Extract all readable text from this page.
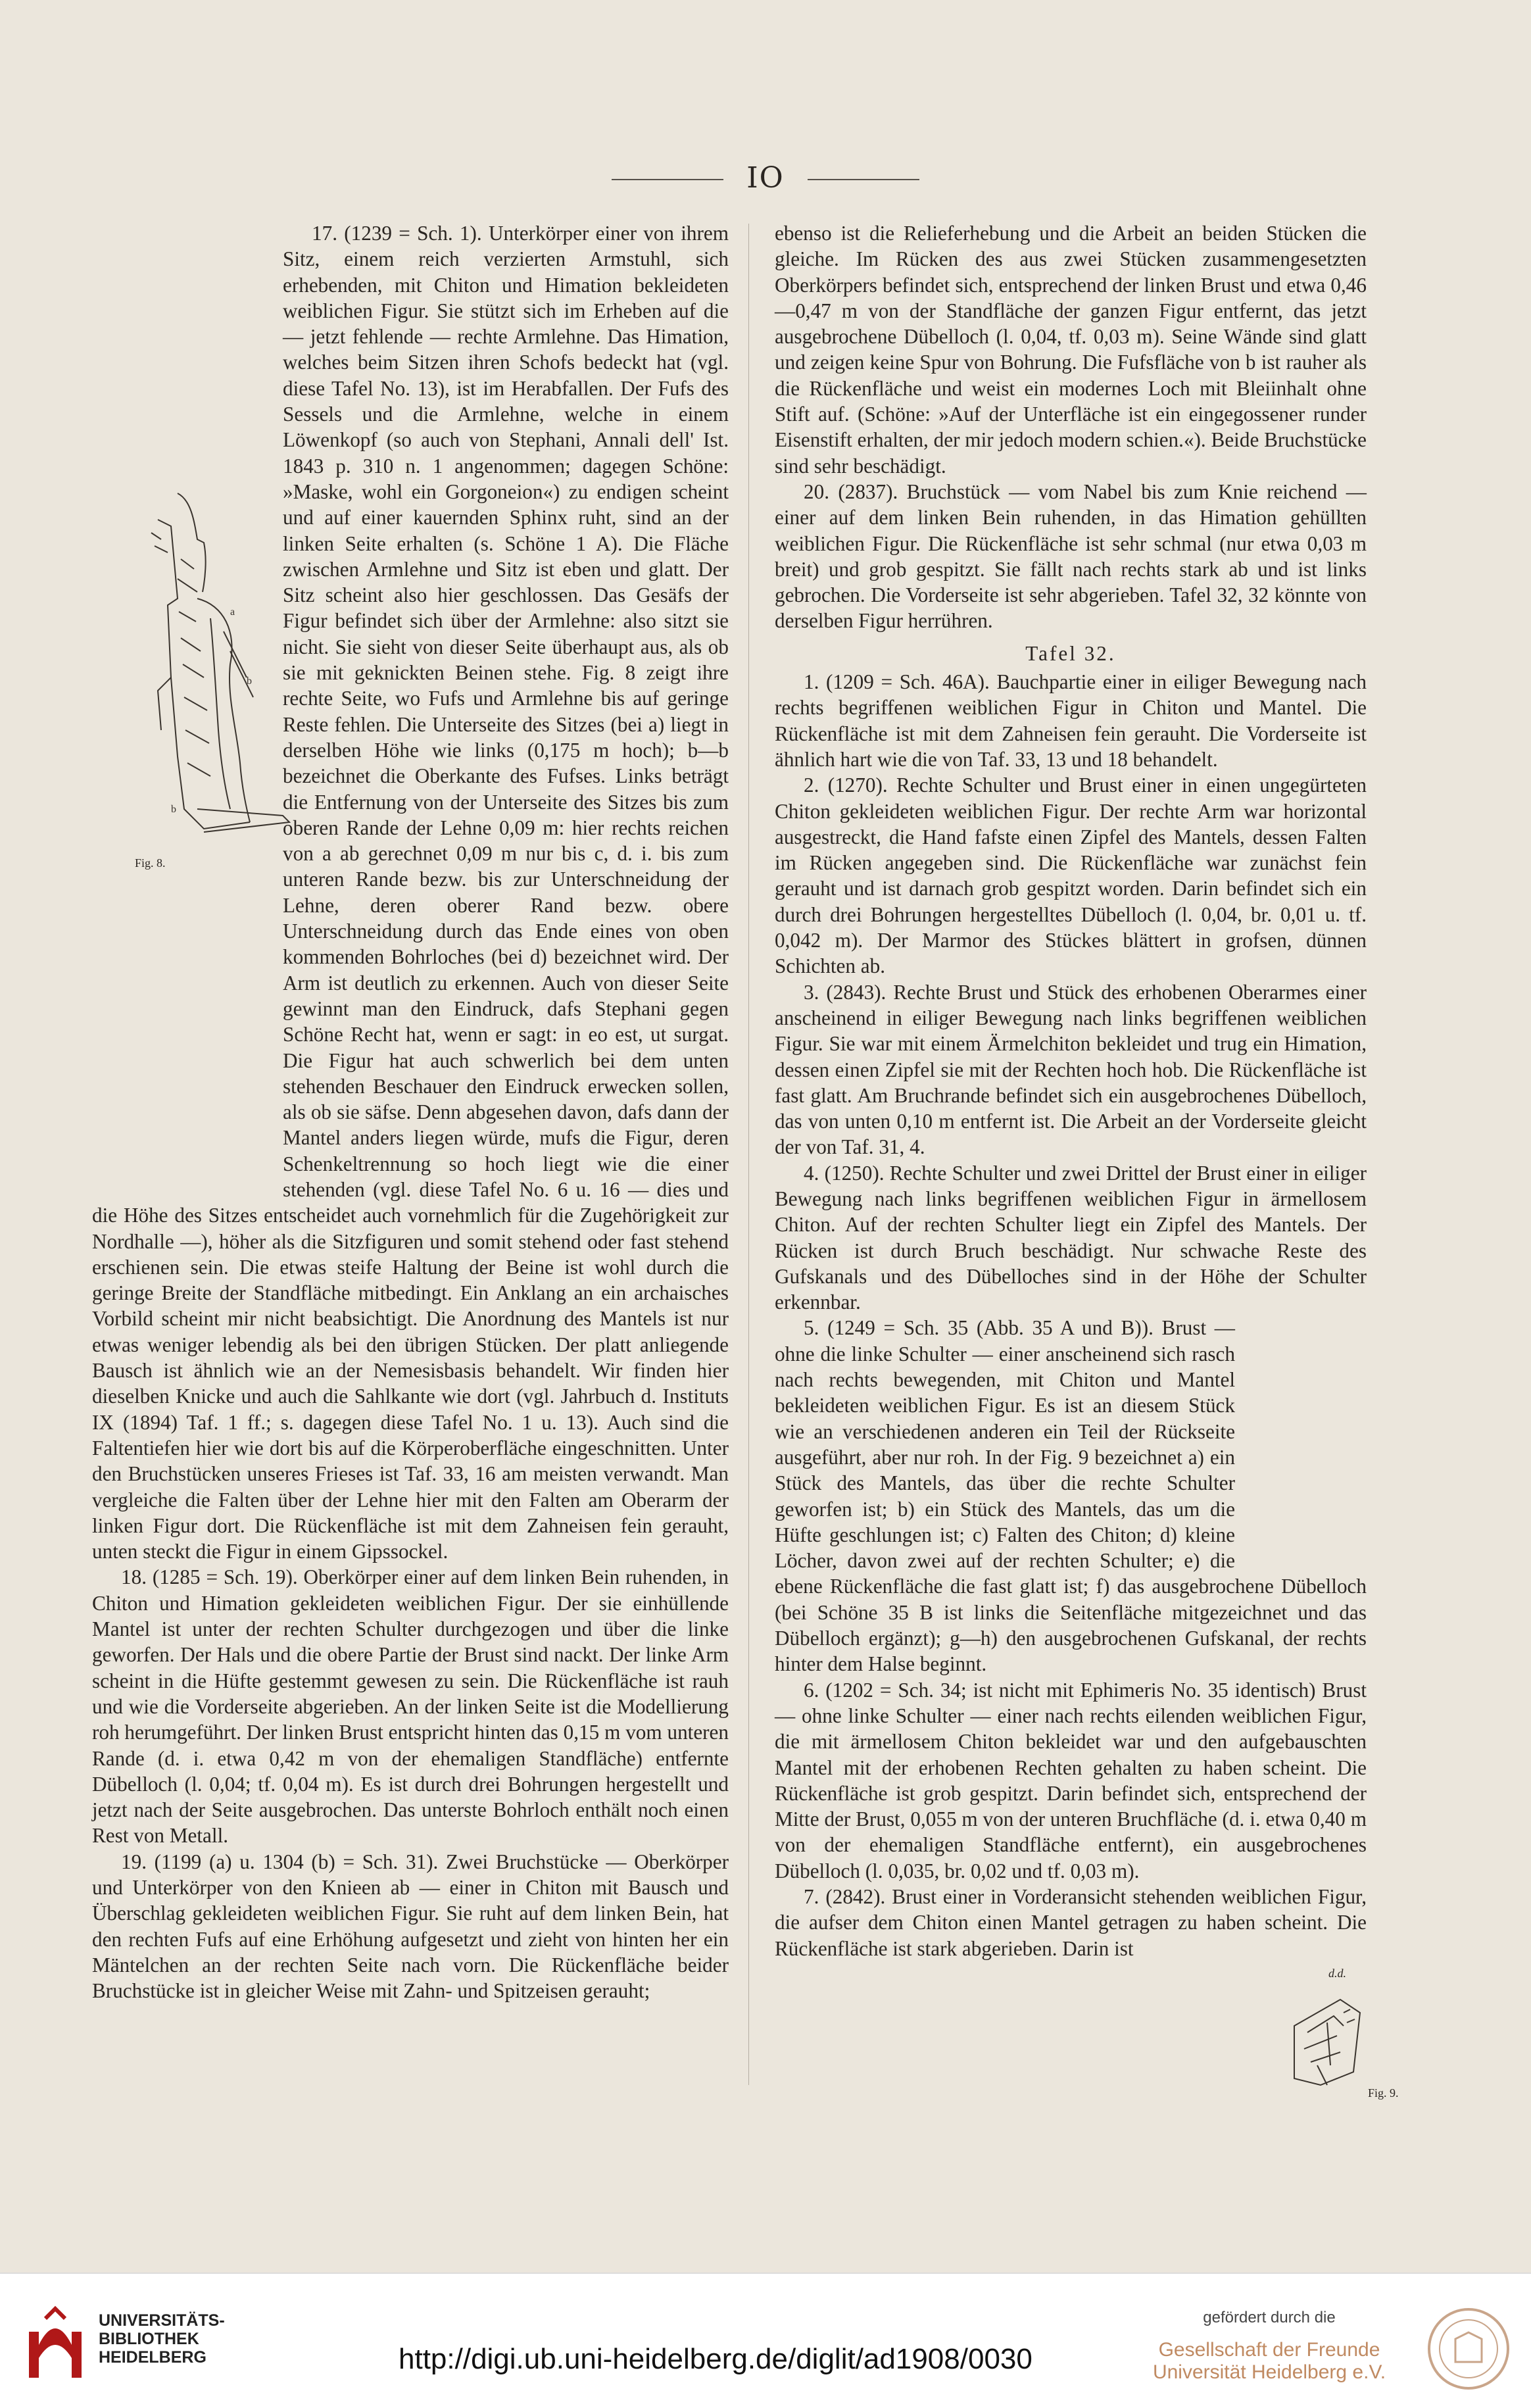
IO

17. (1239 = Sch. 1). Unterkörper einer von ihrem Sitz, einem reich verzierten Armstuhl, sich erhebenden, mit Chiton und Himation bekleideten weiblichen Figur. Sie stützt sich im Erheben auf die — jetzt fehlende — rechte Armlehne. Das Himation, welches beim Sitzen ihren Schofs bedeckt hat (vgl. diese Tafel No. 13), ist im Herabfallen. Der Fufs des Sessels und die Armlehne, welche in einem Löwenkopf (so auch von Stephani, Annali dell' Ist. 1843 p. 310 n. 1 angenommen; dagegen Schöne: »Maske, wohl ein Gorgoneion«) zu endigen scheint und auf einer kauernden Sphinx ruht, sind an der linken Seite erhalten (s. Schöne 1 A). Die Fläche zwischen Armlehne und Sitz ist eben und glatt. Der Sitz scheint also hier geschlossen. Das Gesäfs der Figur befindet sich über der Armlehne: also sitzt sie nicht. Sie sieht von dieser Seite überhaupt aus, als ob sie mit geknickten Beinen stehe. Fig. 8 zeigt ihre rechte Seite, wo Fufs und Armlehne bis auf geringe Reste fehlen. Die Unterseite des Sitzes (bei a) liegt in derselben Höhe wie links (0,175 m hoch); b—b bezeichnet die Oberkante des Fufses. Links beträgt die Entfernung von der Unterseite des Sitzes bis zum oberen Rande der Lehne 0,09 m: hier rechts reichen von a ab gerechnet 0,09 m nur bis c, d. i. bis zum unteren Rande bezw. bis zur Unterschneidung der Lehne, deren oberer Rand bezw. obere Unterschneidung durch das Ende eines von oben kommenden Bohrloches (bei d) bezeichnet wird. Der Arm ist deutlich zu erkennen. Auch von dieser Seite gewinnt man den Eindruck, dafs Stephani gegen Schöne Recht hat, wenn er sagt: in eo est, ut surgat. Die Figur hat auch schwerlich bei dem unten stehenden Beschauer den Eindruck erwecken sollen, als ob sie säfse. Denn abgesehen davon, dafs dann der Mantel anders liegen würde, mufs die Figur, deren Schenkeltrennung so hoch liegt wie die einer stehenden (vgl. diese Tafel No. 6 u. 16 — dies und die Höhe des Sitzes entscheidet auch vornehmlich für die Zugehörigkeit zur Nordhalle —), höher als die Sitzfiguren und somit stehend oder fast stehend erschienen sein. Die etwas steife Haltung der Beine ist wohl durch die geringe Breite der Standfläche mitbedingt. Ein Anklang an ein archaisches Vorbild scheint mir nicht beabsichtigt. Die Anordnung des Mantels ist nur etwas weniger lebendig als bei den übrigen Stücken. Der platt anliegende Bausch ist ähnlich wie an der Nemesisbasis behandelt. Wir finden hier dieselben Knicke und auch die Sahlkante wie dort (vgl. Jahrbuch d. Instituts IX (1894) Taf. 1 ff.; s. dagegen diese Tafel No. 1 u. 13). Auch sind die Faltentiefen hier wie dort bis auf die Körperoberfläche eingeschnitten. Unter den Bruchstücken unseres Frieses ist Taf. 33, 16 am meisten verwandt. Man vergleiche die Falten über der Lehne hier mit den Falten am Oberarm der linken Figur dort. Die Rückenfläche ist mit dem Zahneisen fein gerauht, unten steckt die Figur in einem Gipssockel.

18. (1285 = Sch. 19). Oberkörper einer auf dem linken Bein ruhenden, in Chiton und Himation gekleideten weiblichen Figur. Der sie einhüllende Mantel ist unter der rechten Schulter durchgezogen und über die linke geworfen. Der Hals und die obere Partie der Brust sind nackt. Der linke Arm scheint in die Hüfte gestemmt gewesen zu sein. Die Rückenfläche ist rauh und wie die Vorderseite abgerieben. An der linken Seite ist die Modellierung roh herumgeführt. Der linken Brust entspricht hinten das 0,15 m vom unteren Rande (d. i. etwa 0,42 m von der ehemaligen Standfläche) entfernte Dübelloch (l. 0,04; tf. 0,04 m). Es ist durch drei Bohrungen hergestellt und jetzt nach der Seite ausgebrochen. Das unterste Bohrloch enthält noch einen Rest von Metall.

19. (1199 (a) u. 1304 (b) = Sch. 31). Zwei Bruchstücke — Oberkörper und Unterkörper von den Knieen ab — einer in Chiton mit Bausch und Überschlag gekleideten weiblichen Figur. Sie ruht auf dem linken Bein, hat den rechten Fufs auf eine Erhöhung aufgesetzt und zieht von hinten her ein Mäntelchen an der rechten Seite nach vorn. Die Rückenfläche beider Bruchstücke ist in gleicher Weise mit Zahn- und Spitzeisen gerauht;

ebenso ist die Relieferhebung und die Arbeit an beiden Stücken die gleiche. Im Rücken des aus zwei Stücken zusammengesetzten Oberkörpers befindet sich, entsprechend der linken Brust und etwa 0,46—0,47 m von der Standfläche der ganzen Figur entfernt, das jetzt ausgebrochene Dübelloch (l. 0,04, tf. 0,03 m). Seine Wände sind glatt und zeigen keine Spur von Bohrung. Die Fufsfläche von b ist rauher als die Rückenfläche und weist ein modernes Loch mit Bleiinhalt ohne Stift auf. (Schöne: »Auf der Unterfläche ist ein eingegossener runder Eisenstift erhalten, der mir jedoch modern schien.«). Beide Bruchstücke sind sehr beschädigt.

20. (2837). Bruchstück — vom Nabel bis zum Knie reichend — einer auf dem linken Bein ruhenden, in das Himation gehüllten weiblichen Figur. Die Rückenfläche ist sehr schmal (nur etwa 0,03 m breit) und grob gespitzt. Sie fällt nach rechts stark ab und ist links gebrochen. Die Vorderseite ist sehr abgerieben. Tafel 32, 32 könnte von derselben Figur herrühren.

Tafel 32.

1. (1209 = Sch. 46A). Bauchpartie einer in eiliger Bewegung nach rechts begriffenen weiblichen Figur in Chiton und Mantel. Die Rückenfläche ist mit dem Zahneisen fein gerauht. Die Vorderseite ist ähnlich hart wie die von Taf. 33, 13 und 18 behandelt.

2. (1270). Rechte Schulter und Brust einer in einen ungegürteten Chiton gekleideten weiblichen Figur. Der rechte Arm war horizontal ausgestreckt, die Hand fafste einen Zipfel des Mantels, dessen Falten im Rücken angegeben sind. Die Rückenfläche war zunächst fein gerauht und ist darnach grob gespitzt worden. Darin befindet sich ein durch drei Bohrungen hergestelltes Dübelloch (l. 0,04, br. 0,01 u. tf. 0,042 m). Der Marmor des Stückes blättert in grofsen, dünnen Schichten ab.

3. (2843). Rechte Brust und Stück des erhobenen Oberarmes einer anscheinend in eiliger Bewegung nach links begriffenen weiblichen Figur. Sie war mit einem Ärmelchiton bekleidet und trug ein Himation, dessen einen Zipfel sie mit der Rechten hoch hob. Die Rückenfläche ist fast glatt. Am Bruchrande befindet sich ein ausgebrochenes Dübelloch, das von unten 0,10 m entfernt ist. Die Arbeit an der Vorderseite gleicht der von Taf. 31, 4.

4. (1250). Rechte Schulter und zwei Drittel der Brust einer in eiliger Bewegung nach links begriffenen weiblichen Figur in ärmellosem Chiton. Auf der rechten Schulter liegt ein Zipfel des Mantels. Der Rücken ist durch Bruch beschädigt. Nur schwache Reste des Gufskanals und des Dübelloches sind in der Höhe der Schulter erkennbar.

5. (1249 = Sch. 35 (Abb. 35 A und B)). Brust — ohne die linke Schulter — einer anscheinend sich rasch nach rechts bewegenden, mit Chiton und Mantel bekleideten weiblichen Figur. Es ist an diesem Stück wie an verschiedenen anderen ein Teil der Rückseite ausgeführt, aber nur roh. In der Fig. 9 bezeichnet a) ein Stück des Mantels, das über die rechte Schulter geworfen ist; b) ein Stück des Mantels, das um die Hüfte geschlungen ist; c) Falten des Chiton; d) kleine Löcher, davon zwei auf der rechten Schulter; e) die ebene Rückenfläche die fast glatt ist; f) das ausgebrochene Dübelloch (bei Schöne 35 B ist links die Seitenfläche mitgezeichnet und das Dübelloch ergänzt); g—h) den ausgebrochenen Gufskanal, der rechts hinter dem Halse beginnt.

6. (1202 = Sch. 34; ist nicht mit Ephimeris No. 35 identisch) Brust — ohne linke Schulter — einer nach rechts eilenden weiblichen Figur, die mit ärmellosem Chiton bekleidet war und den aufgebauschten Mantel mit der erhobenen Rechten gehalten zu haben scheint. Die Rückenfläche ist grob gespitzt. Darin befindet sich, entsprechend der Mitte der Brust, 0,055 m von der unteren Bruchfläche (d. i. etwa 0,40 m von der ehemaligen Standfläche entfernt), ein ausgebrochenes Dübelloch (l. 0,035, br. 0,02 und tf. 0,03 m).

7. (2842). Brust einer in Vorderansicht stehenden weiblichen Figur, die aufser dem Chiton einen Mantel getragen zu haben scheint. Die Rückenfläche ist stark abgerieben. Darin ist

a
b
b
Fig. 8.
d.d.
Fig. 9.
UNIVERSITÄTS-
BIBLIOTHEK
HEIDELBERG	http://digi.ub.uni-heidelberg.de/diglit/ad1908/0030
gefördert durch die
Gesellschaft der Freunde
Universität Heidelberg e.V.
